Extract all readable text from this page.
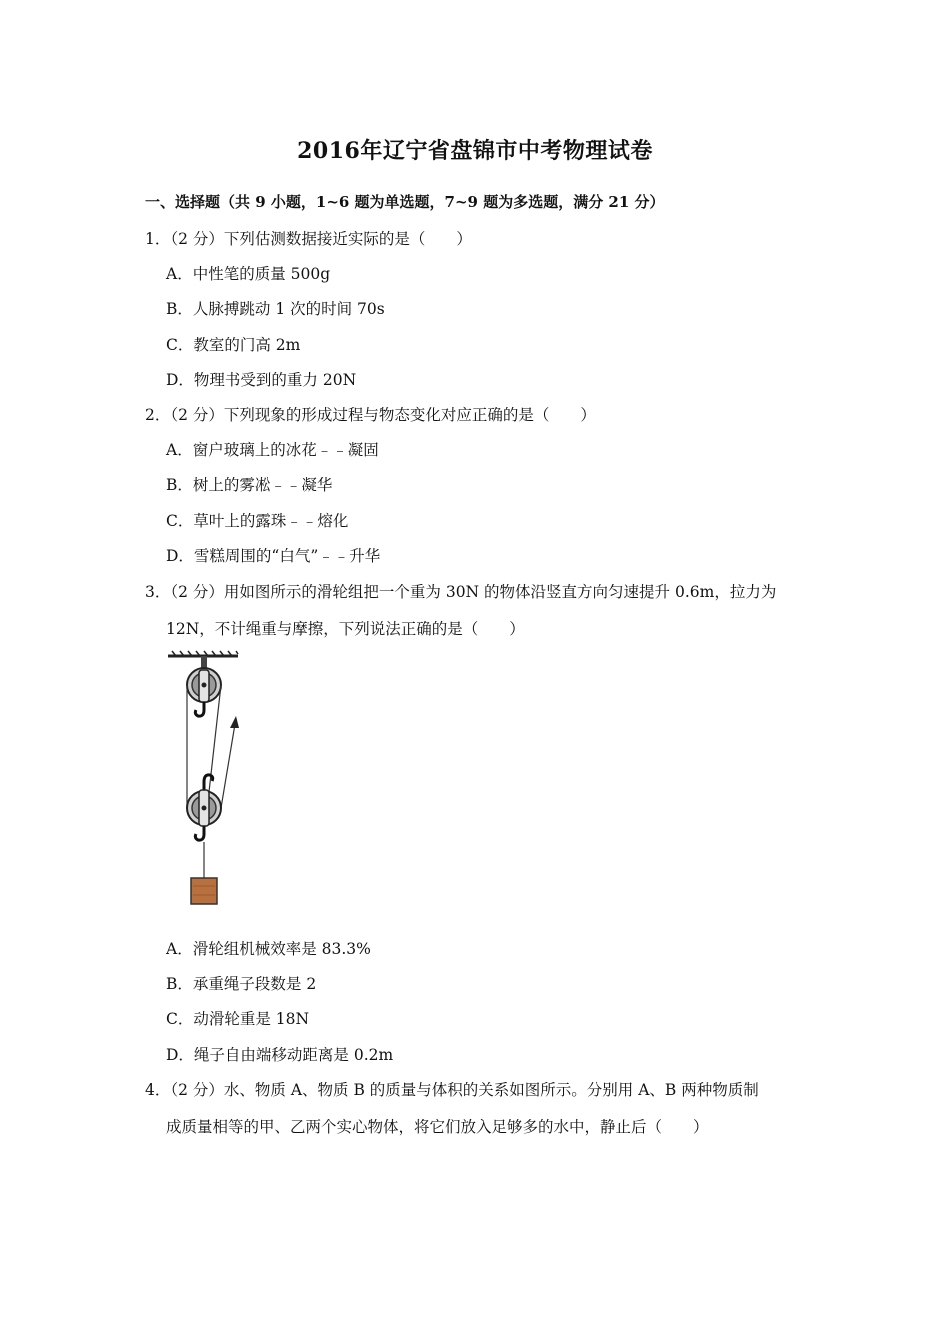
2016年辽宁省盘锦市中考物理试卷
一、选择题（共 9 小题，1~6 题为单选题，7~9 题为多选题，满分 21 分）
1．（2 分）下列估测数据接近实际的是（　　）
A．中性笔的质量 500g
B．人脉搏跳动 1 次的时间 70s
C．教室的门高 2m
D．物理书受到的重力 20N
2．（2 分）下列现象的形成过程与物态变化对应正确的是（　　）
A．窗户玻璃上的冰花﹣﹣凝固
B．树上的雾凇﹣﹣凝华
C．草叶上的露珠﹣﹣熔化
D．雪糕周围的“白气”﹣﹣升华
3．（2 分）用如图所示的滑轮组把一个重为 30N 的物体沿竖直方向匀速提升 0.6m，拉力为
12N，不计绳重与摩擦，下列说法正确的是（　　）
A．滑轮组机械效率是 83.3%
B．承重绳子段数是 2
C．动滑轮重是 18N
D．绳子自由端移动距离是 0.2m
4．（2 分）水、物质 A、物质 B 的质量与体积的关系如图所示。分别用 A、B 两种物质制
成质量相等的甲、乙两个实心物体，将它们放入足够多的水中，静止后（　　）
